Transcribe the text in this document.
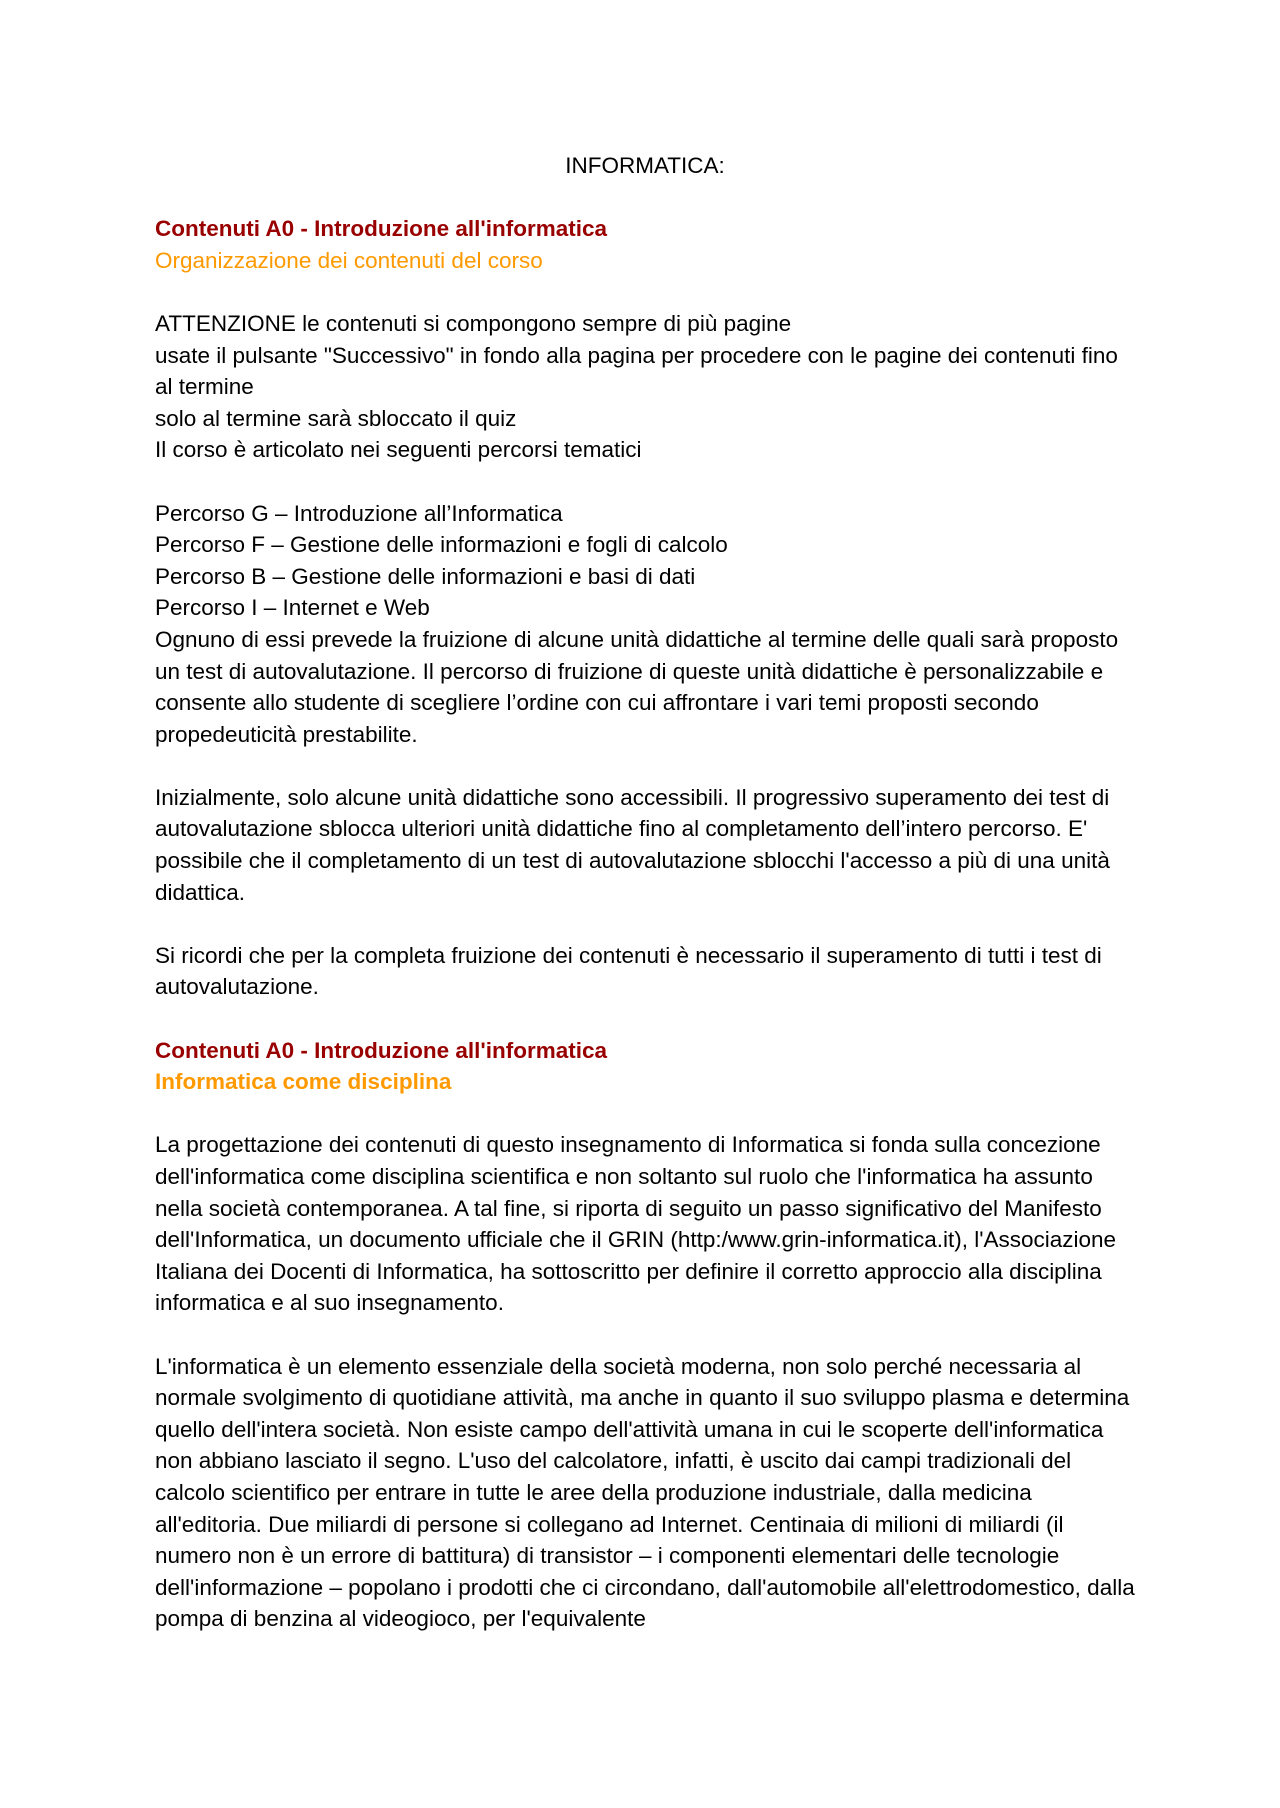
INFORMATICA:
Contenuti A0 - Introduzione all'informatica
Organizzazione dei contenuti del corso
ATTENZIONE le contenuti si compongono sempre di più pagine
usate il pulsante "Successivo" in fondo alla pagina per procedere con le pagine dei contenuti fino al termine
solo al termine sarà sbloccato il quiz
Il corso è articolato nei seguenti percorsi tematici
Percorso G – Introduzione all’Informatica
Percorso F – Gestione delle informazioni e fogli di calcolo
Percorso B – Gestione delle informazioni e basi di dati
Percorso I – Internet e Web

Ognuno di essi prevede la fruizione di alcune unità didattiche al termine delle quali sarà proposto un test di autovalutazione. Il percorso di fruizione di queste unità didattiche è personalizzabile e consente allo studente di scegliere l’ordine con cui affrontare i vari temi proposti secondo propedeuticità prestabilite.

Inizialmente, solo alcune unità didattiche sono accessibili. Il progressivo superamento dei test di autovalutazione sblocca ulteriori unità didattiche fino al completamento dell’intero percorso. E' possibile che il completamento di un test di autovalutazione sblocchi l'accesso a più di una unità didattica.

Si ricordi che per la completa fruizione dei contenuti è necessario il superamento di tutti i test di autovalutazione.

Contenuti A0 - Introduzione all'informatica
Informatica come disciplina

La progettazione dei contenuti di questo insegnamento di Informatica si fonda sulla concezione dell'informatica come disciplina scientifica e non soltanto sul ruolo che l'informatica ha assunto nella società contemporanea. A tal fine, si riporta di seguito un passo significativo del Manifesto dell'Informatica, un documento ufficiale che il GRIN (http:/www.grin-informatica.it), l'Associazione Italiana dei Docenti di Informatica, ha sottoscritto per definire il corretto approccio alla disciplina informatica e al suo insegnamento.

L'informatica è un elemento essenziale della società moderna, non solo perché necessaria al normale svolgimento di quotidiane attività, ma anche in quanto il suo sviluppo plasma e determina quello dell'intera società. Non esiste campo dell'attività umana in cui le scoperte dell'informatica non abbiano lasciato il segno. L'uso del calcolatore, infatti, è uscito dai campi tradizionali del calcolo scientifico per entrare in tutte le aree della produzione industriale, dalla medicina all'editoria. Due miliardi di persone si collegano ad Internet. Centinaia di milioni di miliardi (il numero non è un errore di battitura) di transistor – i componenti elementari delle tecnologie dell'informazione – popolano i prodotti che ci circondano, dall'automobile all'elettrodomestico, dalla pompa di benzina al videogioco, per l'equivalente
